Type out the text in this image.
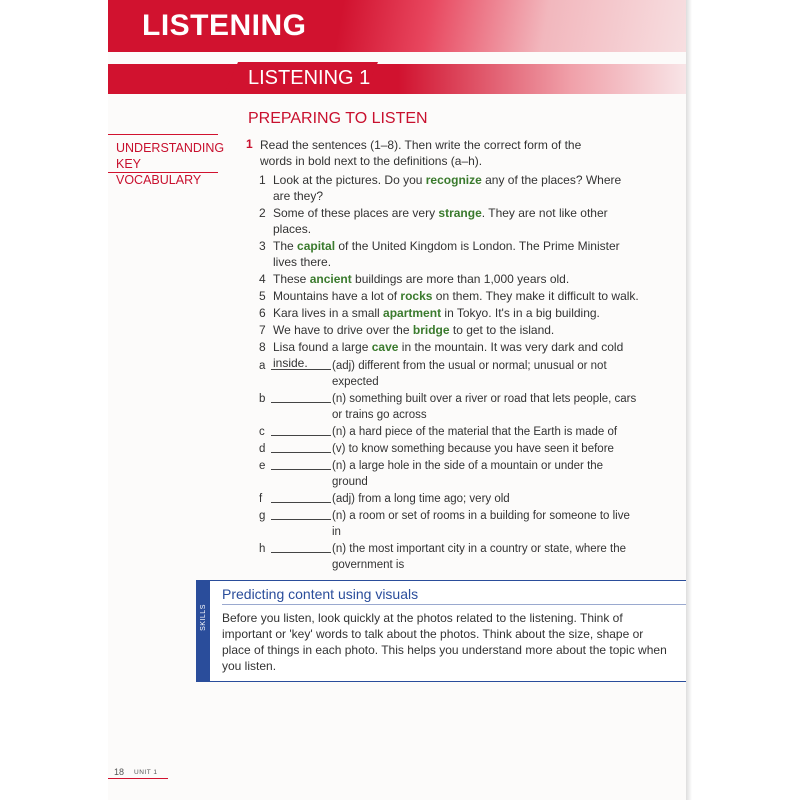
LISTENING
LISTENING 1
UNDERSTANDING
KEY VOCABULARY
PREPARING TO LISTEN
1 Read the sentences (1–8). Then write the correct form of the words in bold next to the definitions (a–h).
1 Look at the pictures. Do you recognize any of the places? Where are they?
2 Some of these places are very strange. They are not like other places.
3 The capital of the United Kingdom is London. The Prime Minister lives there.
4 These ancient buildings are more than 1,000 years old.
5 Mountains have a lot of rocks on them. They make it difficult to walk.
6 Kara lives in a small apartment in Tokyo. It's in a big building.
7 We have to drive over the bridge to get to the island.
8 Lisa found a large cave in the mountain. It was very dark and cold inside.
a	(adj) different from the usual or normal; unusual or not expected
b	(n) something built over a river or road that lets people, cars or trains go across
c	(n) a hard piece of the material that the Earth is made of
d	(v) to know something because you have seen it before
e	(n) a large hole in the side of a mountain or under the ground
f	(adj) from a long time ago; very old
g	(n) a room or set of rooms in a building for someone to live in
h	(n) the most important city in a country or state, where the government is
SKILLS
Predicting content using visuals
Before you listen, look quickly at the photos related to the listening. Think of important or 'key' words to talk about the photos. Think about the size, shape or place of things in each photo. This helps you understand more about the topic when you listen.
18 UNIT 1
